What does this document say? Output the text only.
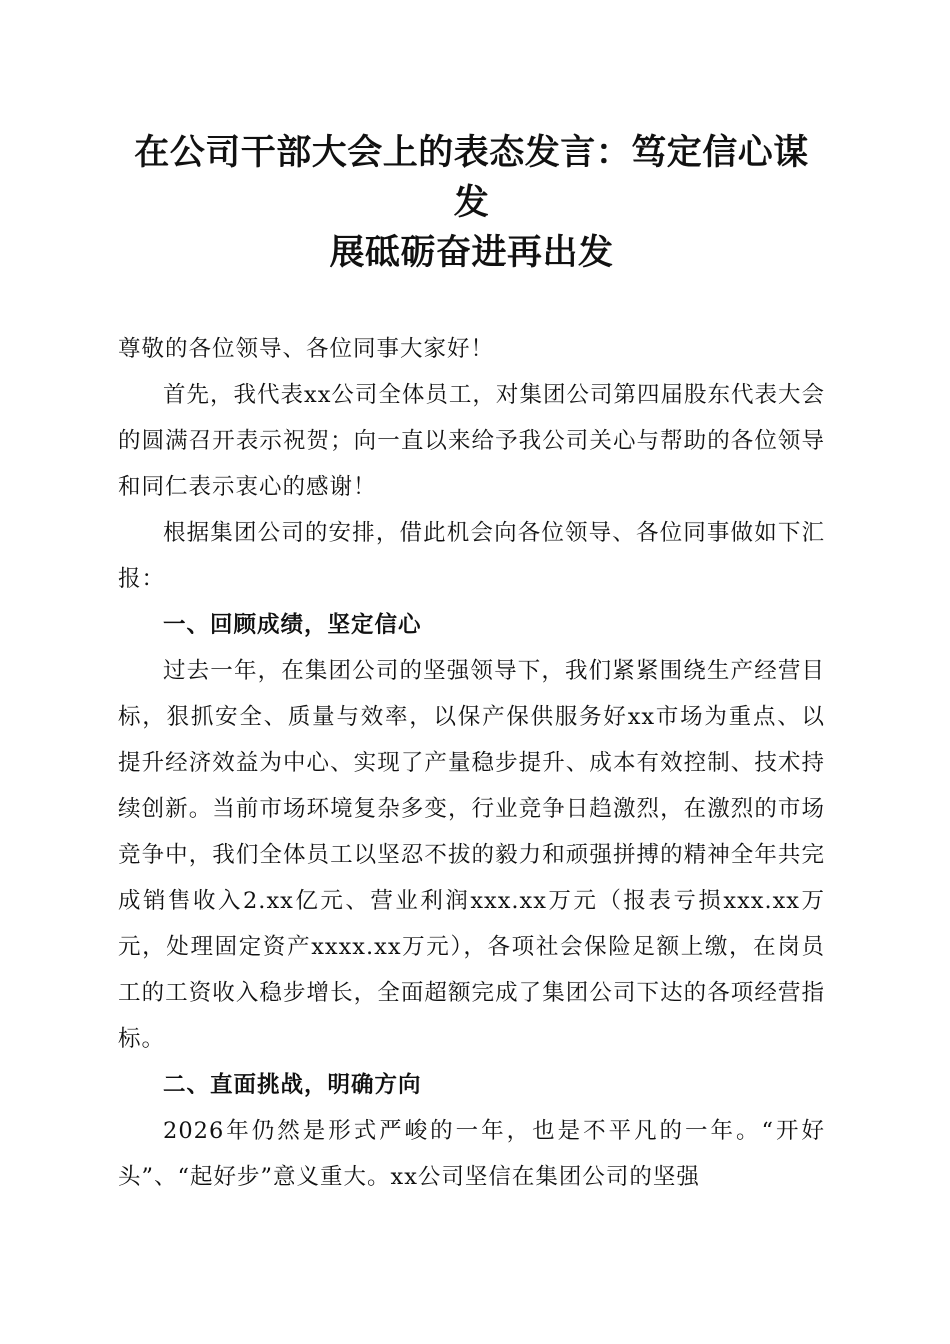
在公司干部大会上的表态发言：笃定信心谋发
展砥砺奋进再出发

尊敬的各位领导、各位同事大家好！

首先，我代表xx公司全体员工，对集团公司第四届股东代表大会的圆满召开表示祝贺；向一直以来给予我公司关心与帮助的各位领导和同仁表示衷心的感谢！

根据集团公司的安排，借此机会向各位领导、各位同事做如下汇报：

一、回顾成绩，坚定信心

过去一年，在集团公司的坚强领导下，我们紧紧围绕生产经营目标，狠抓安全、质量与效率，以保产保供服务好xx市场为重点、以提升经济效益为中心、实现了产量稳步提升、成本有效控制、技术持续创新。当前市场环境复杂多变，行业竞争日趋激烈，在激烈的市场竞争中，我们全体员工以坚忍不拔的毅力和顽强拼搏的精神全年共完成销售收入2.xx亿元、营业利润xxx.xx万元（报表亏损xxx.xx万元，处理固定资产xxxx.xx万元），各项社会保险足额上缴，在岗员工的工资收入稳步增长，全面超额完成了集团公司下达的各项经营指标。

二、直面挑战，明确方向

2026年仍然是形式严峻的一年，也是不平凡的一年。“开好头”、“起好步”意义重大。xx公司坚信在集团公司的坚强
